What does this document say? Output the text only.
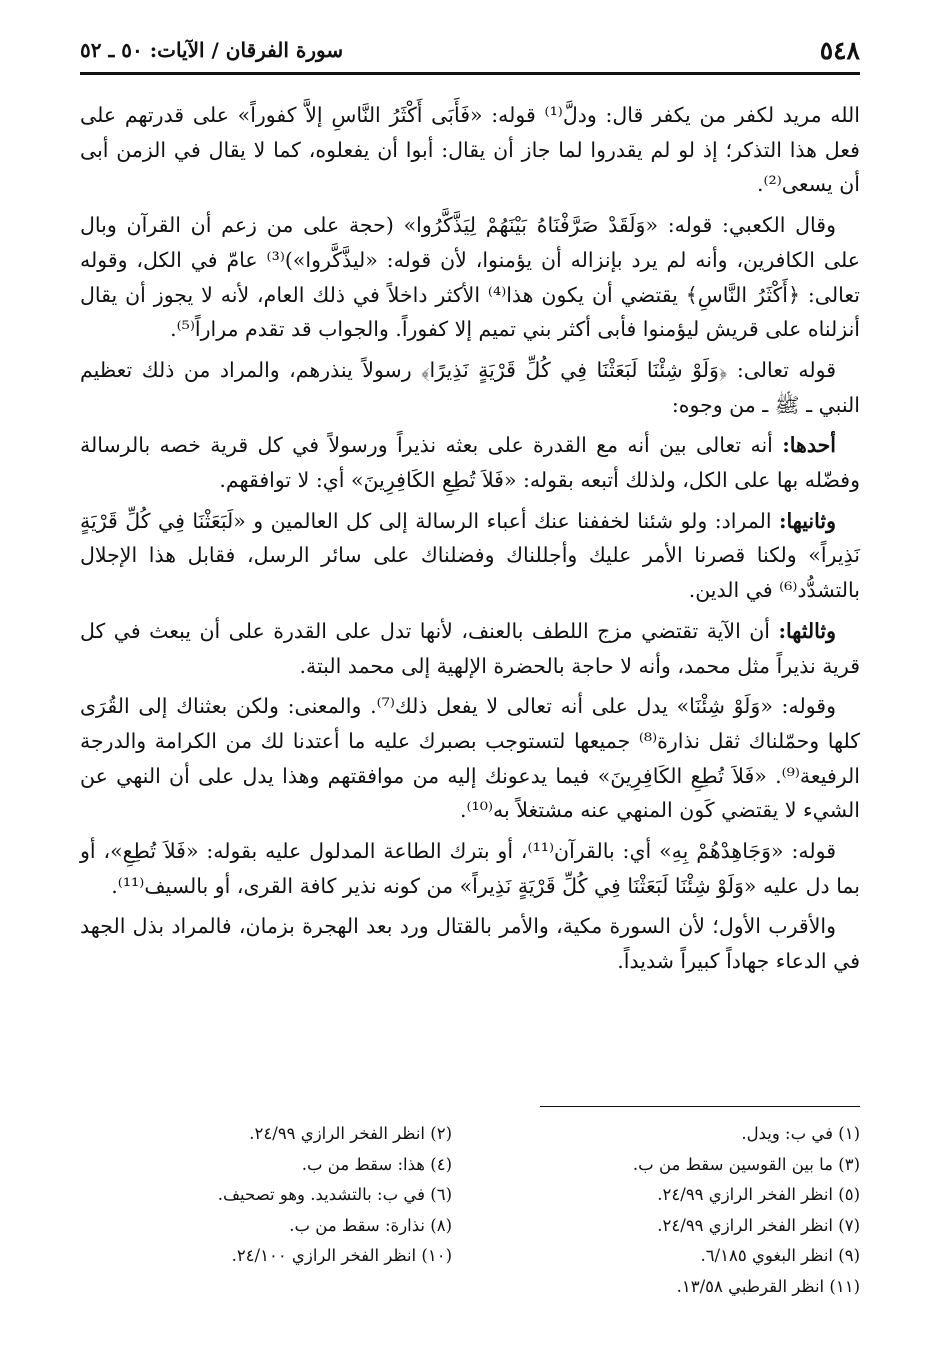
٥٤٨
سورة الفرقان / الآيات: ٥٠ ـ ٥٢

الله مريد لكفر من يكفر قال: ودلَّ⁽¹⁾ قوله: «فَأَبَى أَكْثَرُ النَّاسِ إلاَّ كفوراً» على قدرتهم على فعل هذا التذكر؛ إذ لو لم يقدروا لما جاز أن يقال: أبوا أن يفعلوه، كما لا يقال في الزمن أبى أن يسعى⁽²⁾.

وقال الكعبي: قوله: «وَلَقَدْ صَرَّفْنَاهُ بَيْنَهُمْ لِيَذَّكَّرُوا» (حجة على من زعم أن القرآن وبال على الكافرين، وأنه لم يرد بإنزاله أن يؤمنوا، لأن قوله: «ليذَّكَّروا»)⁽³⁾ عامّ في الكل، وقوله تعالى: ﴿أَكْثَرُ النَّاسِ﴾ يقتضي أن يكون هذا⁽⁴⁾ الأكثر داخلاً في ذلك العام، لأنه لا يجوز أن يقال أنزلناه على قريش ليؤمنوا فأبى أكثر بني تميم إلا كفوراً. والجواب قد تقدم مراراً⁽⁵⁾.

قوله تعالى: ﴿وَلَوْ شِئْنَا لَبَعَثْنَا فِي كُلِّ قَرْيَةٍ نَذِيرًا﴾ رسولاً ينذرهم، والمراد من ذلك تعظيم النبي ـ ﷺ ـ من وجوه:

أحدها: أنه تعالى بين أنه مع القدرة على بعثه نذيراً ورسولاً في كل قرية خصه بالرسالة وفضّله بها على الكل، ولذلك أتبعه بقوله: «فَلاَ تُطِعِ الكَافِرِينَ» أي: لا توافقهم.

وثانيها: المراد: ولو شئنا لخففنا عنك أعباء الرسالة إلى كل العالمين و «لَبَعَثْنَا فِي كُلِّ قَرْيَةٍ نَذِيراً» ولكنا قصرنا الأمر عليك وأجللناك وفضلناك على سائر الرسل، فقابل هذا الإجلال بالتشدُّد⁽⁶⁾ في الدين.

وثالثها: أن الآية تقتضي مزج اللطف بالعنف، لأنها تدل على القدرة على أن يبعث في كل قرية نذيراً مثل محمد، وأنه لا حاجة بالحضرة الإلهية إلى محمد البتة.

وقوله: «وَلَوْ شِئْنَا» يدل على أنه تعالى لا يفعل ذلك⁽⁷⁾. والمعنى: ولكن بعثناك إلى القُرَى كلها وحمّلناك ثقل نذارة⁽⁸⁾ جميعها لتستوجب بصبرك عليه ما أعتدنا لك من الكرامة والدرجة الرفيعة⁽⁹⁾. «فَلاَ تُطِعِ الكَافِرِينَ» فيما يدعونك إليه من موافقتهم وهذا يدل على أن النهي عن الشيء لا يقتضي كَون المنهي عنه مشتغلاً به⁽¹⁰⁾.

قوله: «وَجَاهِدْهُمْ بِهِ» أي: بالقرآن⁽¹¹⁾، أو بترك الطاعة المدلول عليه بقوله: «فَلاَ تُطِعِ»، أو بما دل عليه «وَلَوْ شِئْنَا لَبَعَثْنَا فِي كُلِّ قَرْيَةٍ نَذِيراً» من كونه نذير كافة القرى، أو بالسيف⁽¹¹⁾.

والأقرب الأول؛ لأن السورة مكية، والأمر بالقتال ورد بعد الهجرة بزمان، فالمراد بذل الجهد في الدعاء جهاداً كبيراً شديداً.

(١) في ب: ويدل.
(٢) انظر الفخر الرازي ٢٤/٩٩.
(٣) ما بين القوسين سقط من ب.
(٤) هذا: سقط من ب.
(٥) انظر الفخر الرازي ٢٤/٩٩.
(٦) في ب: بالتشديد. وهو تصحيف.
(٧) انظر الفخر الرازي ٢٤/٩٩.
(٨) نذارة: سقط من ب.
(٩) انظر البغوي ٦/١٨٥.
(١٠) انظر الفخر الرازي ٢٤/١٠٠.
(١١) انظر القرطبي ١٣/٥٨.
